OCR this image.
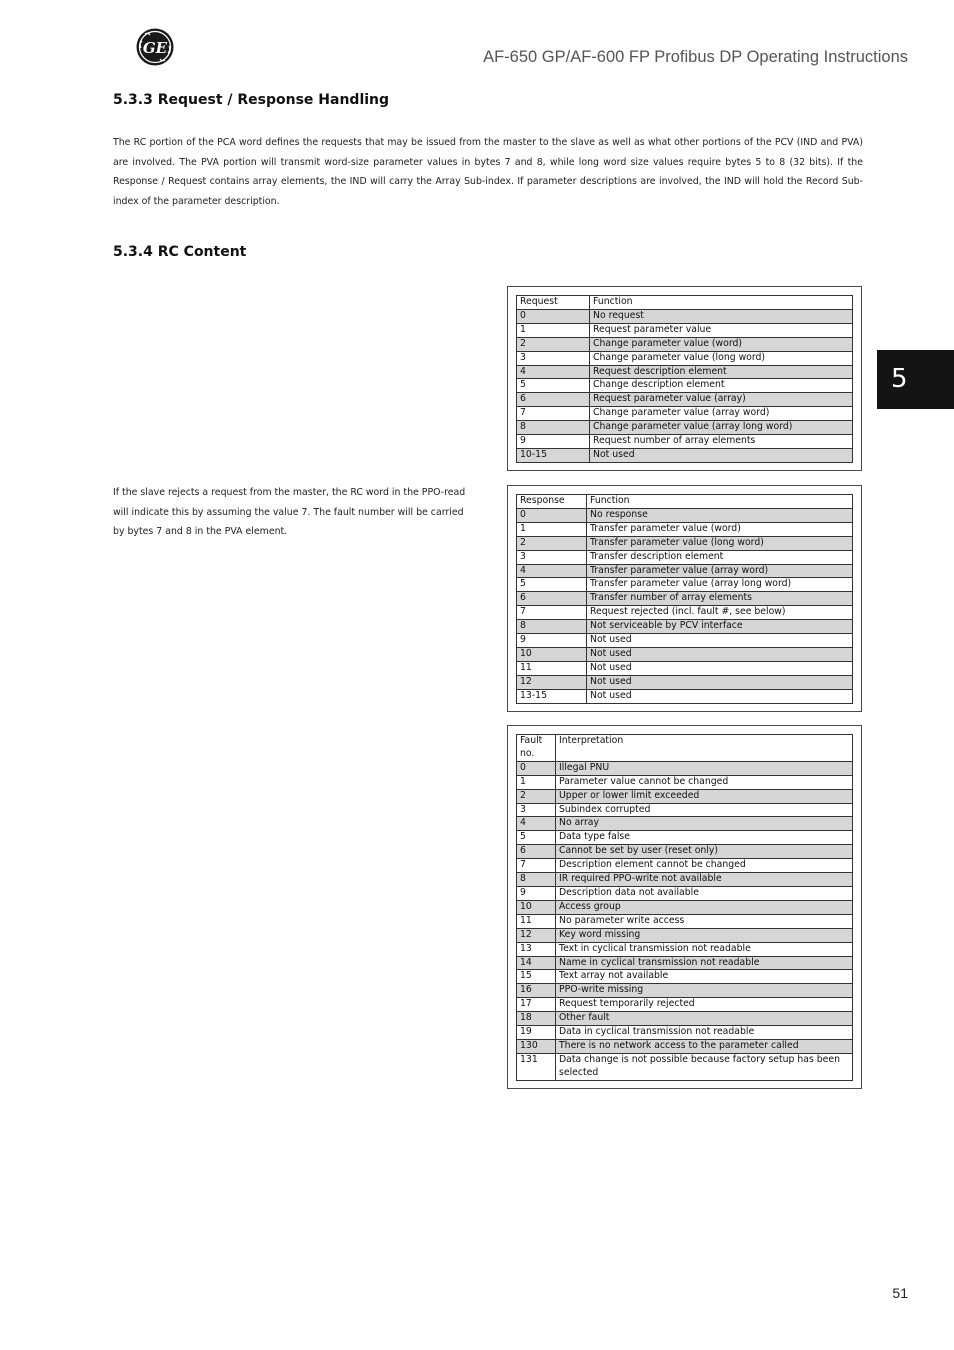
GE	AF-650 GP/AF-600 FP Profibus DP Operating Instructions
5.3.3 Request / Response Handling

The RC portion of the PCA word defines the requests that may be issued from the master to the slave as well as what other portions of the PCV (IND and PVA) are involved. The PVA portion will transmit word-size parameter values in bytes 7 and 8, while long word size values require bytes 5 to 8 (32 bits). If the Response / Request contains array elements, the IND will carry the Array Sub-index. If parameter descriptions are involved, the IND will hold the Record Sub-index of the parameter description.

5.3.4 RC Content

If the slave rejects a request from the master, the RC word in the PPO-read will indicate this by assuming the value 7. The fault number will be carried by bytes 7 and 8 in the PVA element.

5
Request	Function
0	No request
1	Request parameter value
2	Change parameter value (word)
3	Change parameter value (long word)
4	Request description element
5	Change description element
6	Request parameter value (array)
7	Change parameter value (array word)
8	Change parameter value (array long word)
9	Request number of array elements
10-15	Not used
Response	Function
0	No response
1	Transfer parameter value (word)
2	Transfer parameter value (long word)
3	Transfer description element
4	Transfer parameter value (array word)
5	Transfer parameter value (array long word)
6	Transfer number of array elements
7	Request rejected (incl. fault #, see below)
8	Not serviceable by PCV interface
9	Not used
10	Not used
11	Not used
12	Not used
13-15	Not used
Fault no.	Interpretation
0	Illegal PNU
1	Parameter value cannot be changed
2	Upper or lower limit exceeded
3	Subindex corrupted
4	No array
5	Data type false
6	Cannot be set by user (reset only)
7	Description element cannot be changed
8	IR required PPO-write not available
9	Description data not available
10	Access group
11	No parameter write access
12	Key word missing
13	Text in cyclical transmission not readable
14	Name in cyclical transmission not readable
15	Text array not available
16	PPO-write missing
17	Request temporarily rejected
18	Other fault
19	Data in cyclical transmission not readable
130	There is no network access to the parameter called
131	Data change is not possible because factory setup has been selected
51
